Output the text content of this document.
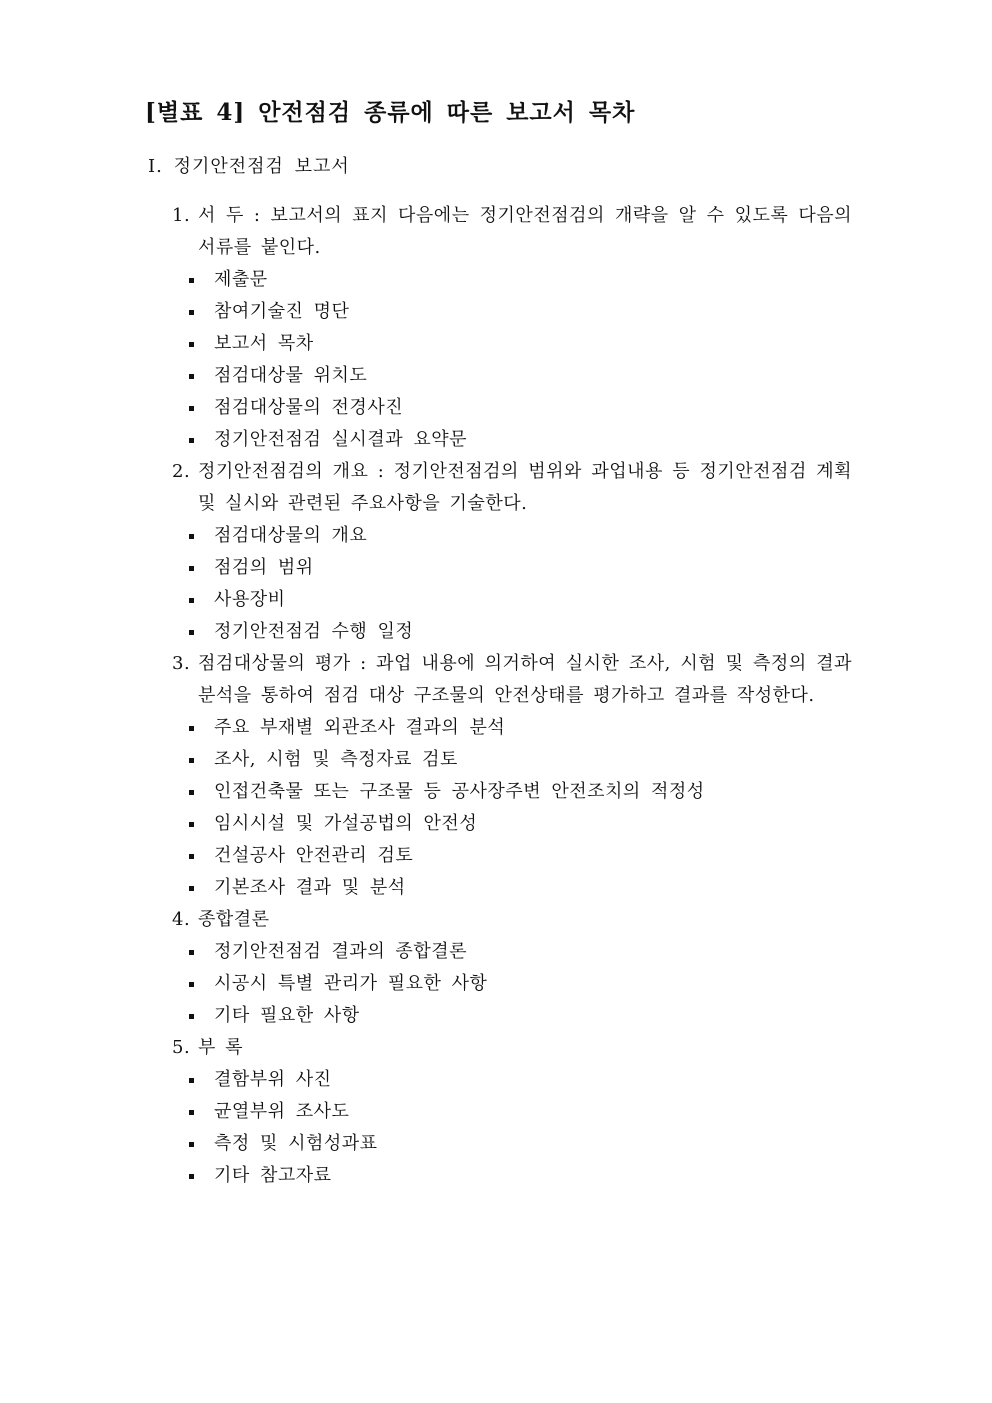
[별표 4] 안전점검 종류에 따른 보고서 목차
Ⅰ. 정기안전점검 보고서

1. 서 두 : 보고서의 표지 다음에는 정기안전점검의 개략을 알 수 있도록 다음의 서류를 붙인다.

제출문
참여기술진 명단
보고서 목차
점검대상물 위치도
점검대상물의 전경사진
정기안전점검 실시결과 요약문

2. 정기안전점검의 개요 : 정기안전점검의 범위와 과업내용 등 정기안전점검 계획 및 실시와 관련된 주요사항을 기술한다.

점검대상물의 개요
점검의 범위
사용장비
정기안전점검 수행 일정

3. 점검대상물의 평가 : 과업 내용에 의거하여 실시한 조사, 시험 및 측정의 결과분석을 통하여 점검 대상 구조물의 안전상태를 평가하고 결과를 작성한다.

주요 부재별 외관조사 결과의 분석
조사, 시험 및 측정자료 검토
인접건축물 또는 구조물 등 공사장주변 안전조치의 적정성
임시시설 및 가설공법의 안전성
건설공사 안전관리 검토
기본조사 결과 및 분석

4. 종합결론

정기안전점검 결과의 종합결론
시공시 특별 관리가 필요한 사항
기타 필요한 사항

5. 부 록

결함부위 사진
균열부위 조사도
측정 및 시험성과표
기타 참고자료
